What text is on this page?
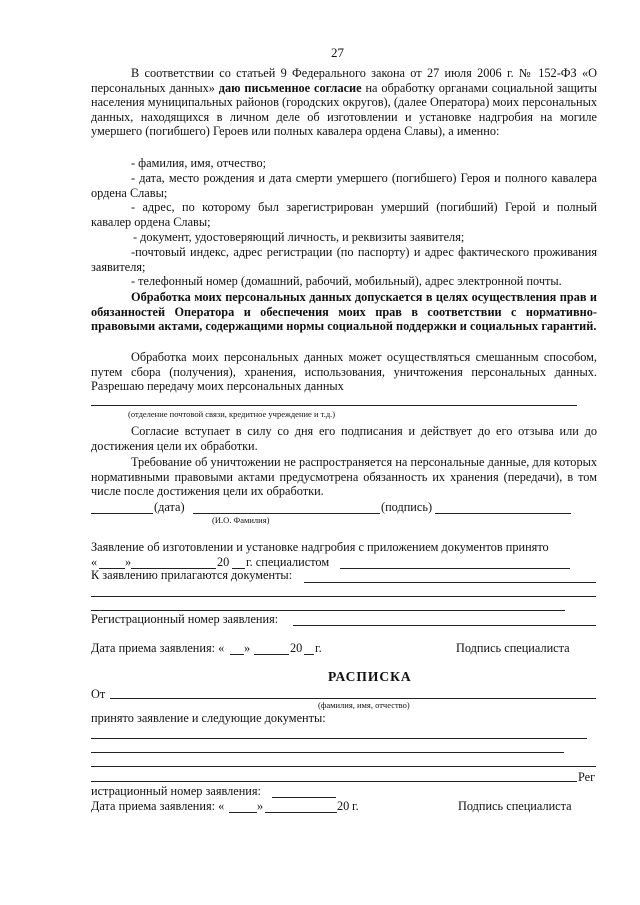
27
В соответствии со статьей 9 Федерального закона от 27 июля 2006 г. № 152-ФЗ «О персональных данных» даю письменное согласие на обработку органами социальной защиты населения муниципальных районов (городских округов), (далее Оператора) моих персональных данных, находящихся в личном деле об изготовлении и установке надгробия на могиле умершего (погибшего) Героев или полных кавалера ордена Славы), а именно:
- фамилия, имя, отчество;
- дата, место рождения и дата смерти умершего (погибшего) Героя и полного кавалера ордена Славы;
- адрес, по которому был зарегистрирован умерший (погибший) Герой и полный кавалер ордена Славы;
- документ, удостоверяющий личность, и реквизиты заявителя;
-почтовый индекс, адрес регистрации (по паспорту) и адрес фактического проживания заявителя;
- телефонный номер (домашний, рабочий, мобильный), адрес электронной почты.
Обработка моих персональных данных допускается в целях осуществления прав и обязанностей Оператора и обеспечения моих прав в соответствии с нормативно-правовыми актами, содержащими нормы социальной поддержки и социальных гарантий.
Обработка моих персональных данных может осуществляться смешанным способом, путем сбора (получения), хранения, использования, уничтожения персональных данных. Разрешаю передачу моих персональных данных
(отделение почтовой связи, кредитное учреждение и т.д.)
Согласие вступает в силу со дня его подписания и действует до его отзыва или до достижения цели их обработки.
Требование об уничтожении не распространяется на персональные данные, для которых нормативными правовыми актами предусмотрена обязанность их хранения (передачи), в том числе после достижения цели их обработки.
(дата)	(подпись)
(И.О. Фамилия)
Заявление об изготовлении и установке надгробия с приложением документов принято
« »	20 г. специалистом
К заявлению прилагаются документы:
Регистрационный номер заявления:
Дата приема заявления: « »	20 г.	Подпись специалиста
РАСПИСКА
От
(фамилия, имя, отчество)
принято заявление и следующие документы:
Рег
истрационный номер заявления:
Дата приема заявления: «	»	20 г.	Подпись специалиста
